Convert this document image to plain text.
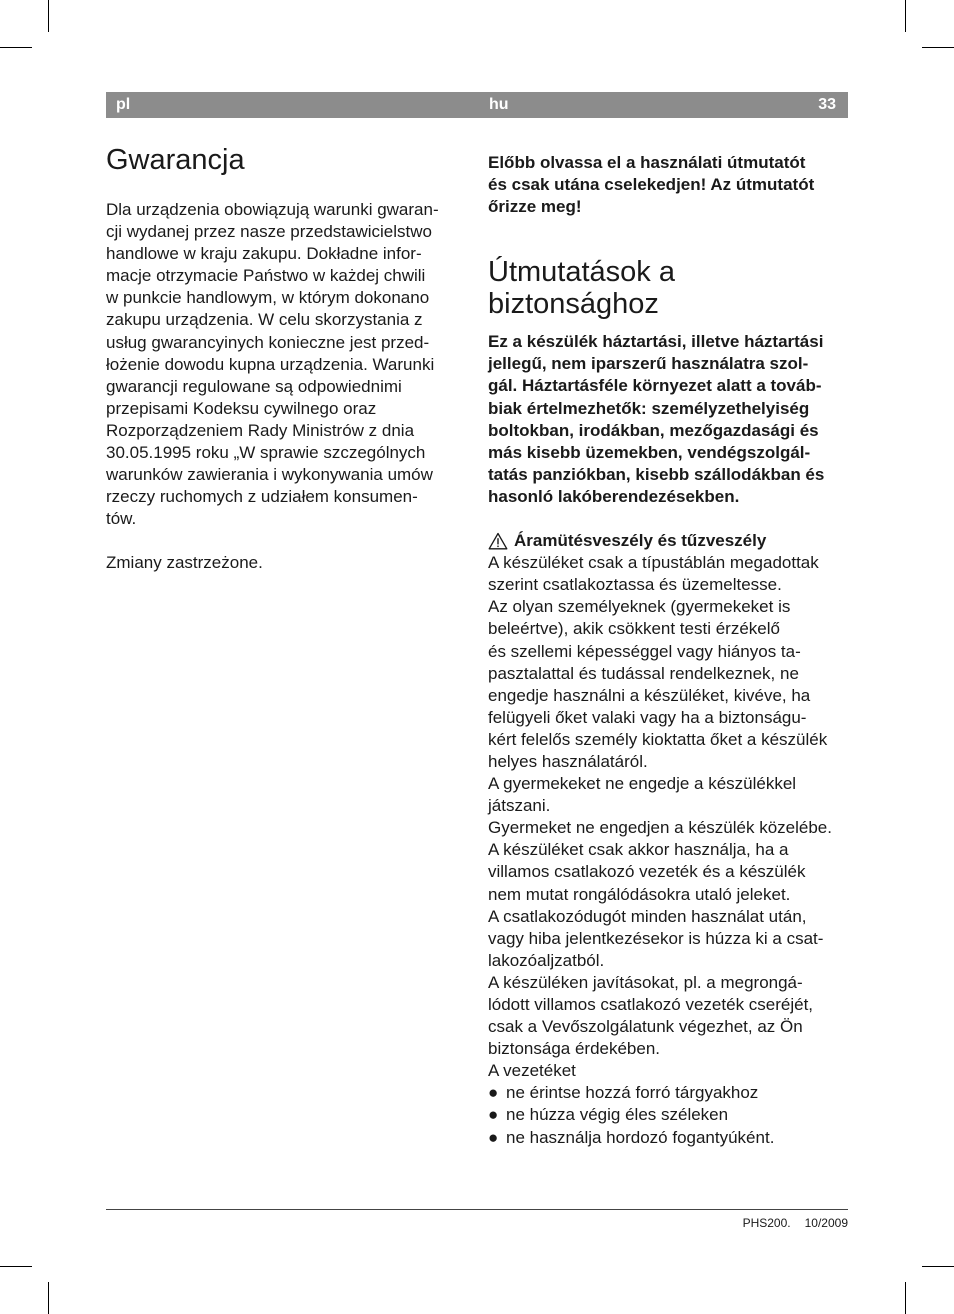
pl	hu	33
Gwarancja

Dla urządzenia obowiązują warunki gwaran-

cji wydanej przez nasze przedstawicielstwo

handlowe w kraju zakupu. Dokładne infor-

macje otrzymacie Państwo w każdej chwili

w punkcie handlowym, w którym dokonano

zakupu urządzenia. W celu skorzystania z

usług gwarancyinych konieczne jest przed-

łożenie dowodu kupna urządzenia. Warunki

gwarancji regulowane są odpowiednimi

przepisami Kodeksu cywilnego oraz

Rozporządzeniem Rady Ministrów z dnia

30.05.1995 roku „W sprawie szczególnych

warunków zawierania i wykonywania umów

rzeczy ruchomych z udziałem konsumen-

tów.

Zmiany zastrzeżone.

Előbb olvassa el a használati útmutatót

és csak utána cselekedjen! Az útmutatót

őrizze meg!

Útmutatások a
biztonsághoz

Ez a készülék háztartási, illetve háztartási

jellegű, nem iparszerű használatra szol-

gál. Háztartásféle környezet alatt a továb-

biak értelmezhetők: személyzethelyiség

boltokban, irodákban, mezőgazdasági és

más kisebb üzemekben, vendégszolgál-

tatás panziókban, kisebb szállodákban és

hasonló lakóberendezésekben.

Áramütésveszély és tűzveszély

A készüléket csak a típustáblán megadottak

szerint csatlakoztassa és üzemeltesse.

Az olyan személyeknek (gyermekeket is

beleértve), akik csökkent testi érzékelő

és szellemi képességgel vagy hiányos ta-

pasztalattal és tudással rendelkeznek, ne

engedje használni a készüléket, kivéve, ha

felügyeli őket valaki vagy ha a biztonságu-

kért felelős személy kioktatta őket a készülék

helyes használatáról.

A gyermekeket ne engedje a készülékkel

játszani.

Gyermeket ne engedjen a készülék közelébe.

A készüléket csak akkor használja, ha a

villamos csatlakozó vezeték és a készülék

nem mutat rongálódásokra utaló jeleket.

A csatlakozódugót minden használat után,

vagy hiba jelentkezésekor is húzza ki a csat-

lakozóaljzatból.

A készüléken javításokat, pl. a megrongá-

lódott villamos csatlakozó vezeték cseréjét,

csak a Vevőszolgálatunk végezhet, az Ön

biztonsága érdekében.

A vezetéket

● ne érintse hozzá forró tárgyakhoz
● ne húzza végig éles széleken
● ne használja hordozó fogantyúként.
PHS200. 10/2009
